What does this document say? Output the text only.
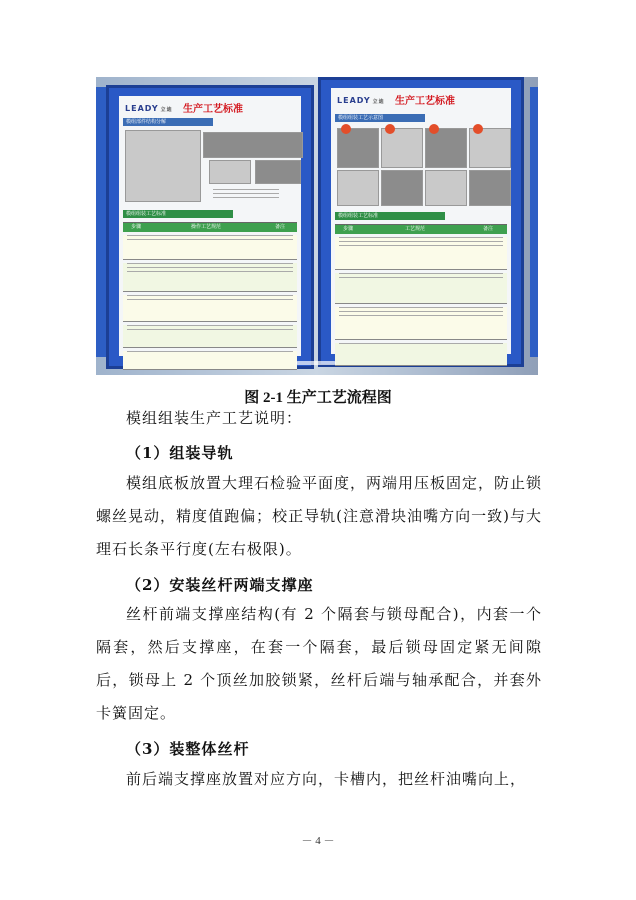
LEADY 立迪 生产工艺标准
模组部件结构分解
模组组装工艺标准
步骤	操作工艺规范	备注
LEADY 立迪 生产工艺标准
模组组装工艺示意图
模组组装工艺标准
步骤	工艺规范	备注
图 2-1 生产工艺流程图
模组组装生产工艺说明：
（1）组装导轨
模组底板放置大理石检验平面度，两端用压板固定，防止锁螺丝晃动，精度值跑偏；校正导轨(注意滑块油嘴方向一致)与大理石长条平行度(左右极限)。
（2）安装丝杆两端支撑座
丝杆前端支撑座结构(有 2 个隔套与锁母配合)，内套一个隔套，然后支撑座，在套一个隔套，最后锁母固定紧无间隙后，锁母上 2 个顶丝加胶锁紧，丝杆后端与轴承配合，并套外卡簧固定。
（3）装整体丝杆
前后端支撑座放置对应方向，卡槽内，把丝杆油嘴向上，
－ 4 －
